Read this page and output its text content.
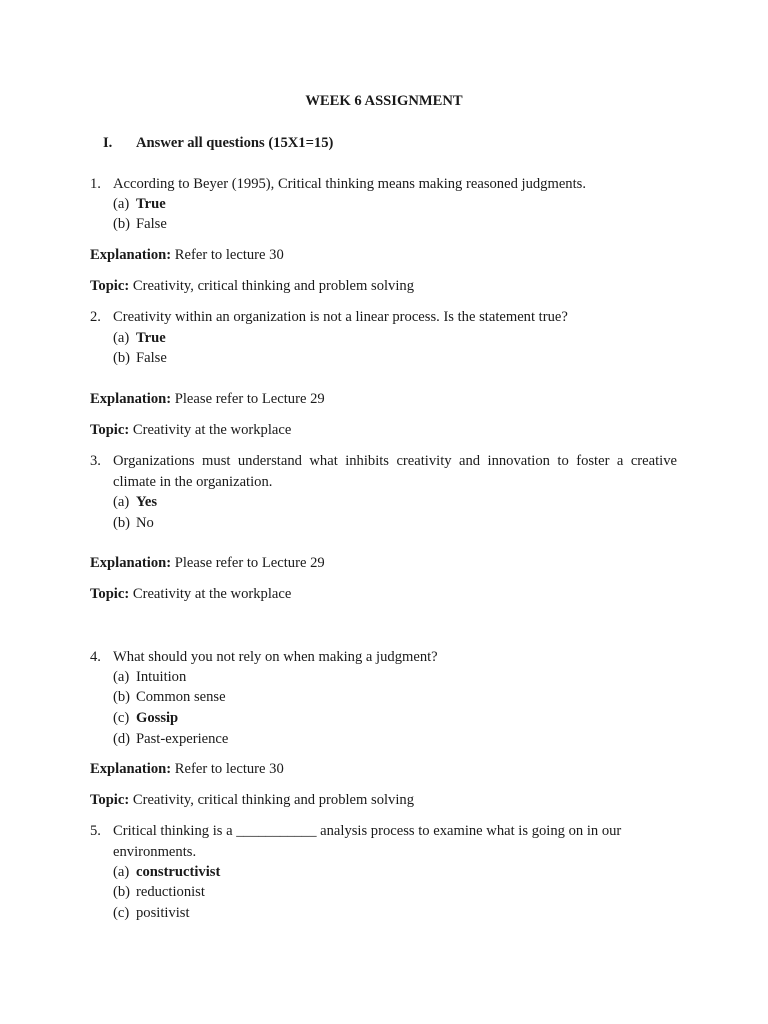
WEEK 6 ASSIGNMENT
I. Answer all questions (15X1=15)
1. According to Beyer (1995), Critical thinking means making reasoned judgments.
(a) True
(b) False
Explanation: Refer to lecture 30
Topic: Creativity, critical thinking and problem solving
2. Creativity within an organization is not a linear process. Is the statement true?
(a) True
(b) False
Explanation: Please refer to Lecture 29
Topic: Creativity at the workplace
3. Organizations must understand what inhibits creativity and innovation to foster a creative
climate in the organization.
(a) Yes
(b) No
Explanation: Please refer to Lecture 29
Topic: Creativity at the workplace
4. What should you not rely on when making a judgment?
(a) Intuition
(b) Common sense
(c) Gossip
(d) Past-experience
Explanation: Refer to lecture 30
Topic: Creativity, critical thinking and problem solving
5. Critical thinking is a ___________ analysis process to examine what is going on in our
environments.
(a) constructivist
(b) reductionist
(c) positivist
